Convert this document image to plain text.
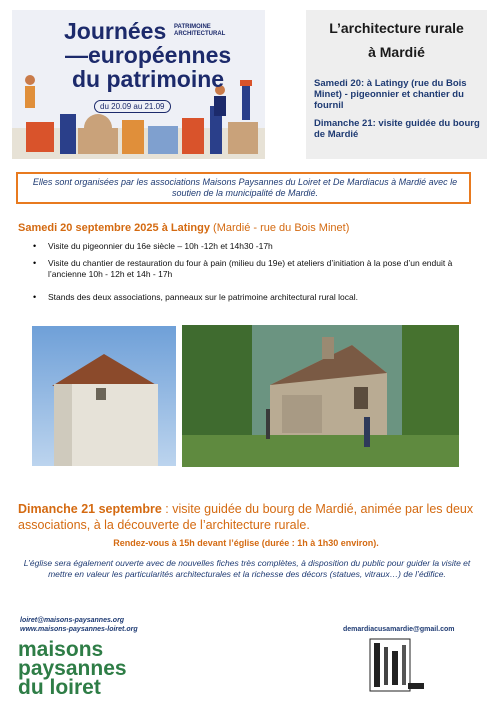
Journées PATRIMOINE ARCHITECTURAL
—européennes
du patrimoine
du 20.09 au 21.09
L’architecture rurale
à Mardié
Samedi 20: à Latingy (rue du Bois Minet) - pigeonnier et chantier du fournil
Dimanche 21: visite guidée du bourg de Mardié
Elles sont organisées par les associations Maisons Paysannes du Loiret et De Mardiacus à Mardié avec le soutien de la municipalité de Mardié.
Samedi 20 septembre 2025 à Latingy (Mardié - rue du Bois Minet)
• Visite du pigeonnier du 16e siècle – 10h -12h et 14h30 -17h
• Visite du chantier de restauration du four à pain (milieu du 19e) et ateliers d’initiation à la pose d’un enduit à l’ancienne 10h - 12h et 14h - 17h
• Stands des deux associations, panneaux sur le patrimoine architectural rural local.
Dimanche 21 septembre : visite guidée du bourg de Mardié, animée par les deux associations, à la découverte de l’architecture rurale.
Rendez-vous à 15h devant l’église (durée : 1h à 1h30 environ).
L’église sera également ouverte avec de nouvelles fiches très complètes, à disposition du public pour guider la visite et mettre en valeur les particularités architecturales et la richesse des décors (statues, vitraux…) de l’édifice.
loiret@maisons-paysannes.org
www.maisons-paysannes-loiret.org
maisons
paysannes
du loiret
demardiacusamardie@gmail.com
